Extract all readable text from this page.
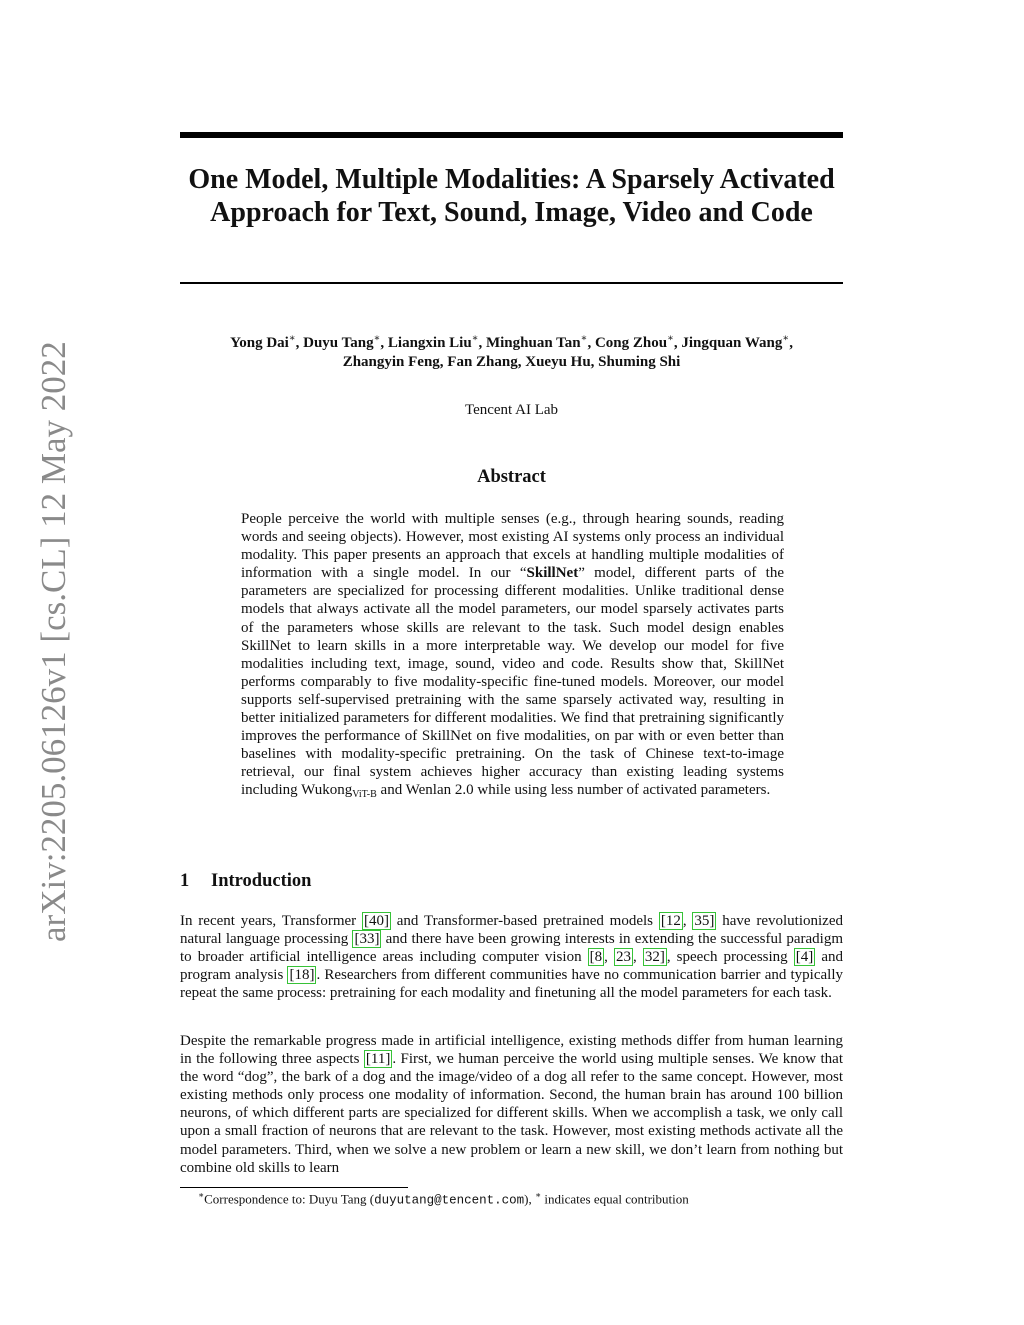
arXiv:2205.06126v1 [cs.CL] 12 May 2022
One Model, Multiple Modalities: A Sparsely Activated Approach for Text, Sound, Image, Video and Code

Yong Dai∗, Duyu Tang∗, Liangxin Liu∗, Minghuan Tan∗, Cong Zhou∗, Jingquan Wang∗,
Zhangyin Feng, Fan Zhang, Xueyu Hu, Shuming Shi

Tencent AI Lab
Abstract

People perceive the world with multiple senses (e.g., through hearing sounds, reading words and seeing objects). However, most existing AI systems only process an individual modality. This paper presents an approach that excels at handling multiple modalities of information with a single model. In our “SkillNet” model, different parts of the parameters are specialized for processing different modalities. Unlike traditional dense models that always activate all the model parameters, our model sparsely activates parts of the parameters whose skills are relevant to the task. Such model design enables SkillNet to learn skills in a more interpretable way. We develop our model for five modalities including text, image, sound, video and code. Results show that, SkillNet performs comparably to five modality-specific fine-tuned models. Moreover, our model supports self-supervised pretraining with the same sparsely activated way, resulting in better initialized parameters for different modalities. We find that pretraining significantly improves the performance of SkillNet on five modalities, on par with or even better than baselines with modality-specific pretraining. On the task of Chinese text-to-image retrieval, our final system achieves higher accuracy than existing leading systems including Wukong$_{ViT-B}$ and Wenlan 2.0 while using less number of activated parameters.

1 Introduction

In recent years, Transformer [40] and Transformer-based pretrained models [12 , 35] have revolutionized natural language processing [33] and there have been growing interests in extending the successful paradigm to broader artificial intelligence areas including computer vision [8 , 23 , 32] , speech processing [4] and program analysis [18] . Researchers from different communities have no communication barrier and typically repeat the same process: pretraining for each modality and finetuning all the model parameters for each task.

Despite the remarkable progress made in artificial intelligence, existing methods differ from human learning in the following three aspects [11] . First, we human perceive the world using multiple senses. We know that the word “dog”, the bark of a dog and the image/video of a dog all refer to the same concept. However, most existing methods only process one modality of information. Second, the human brain has around 100 billion neurons, of which different parts are specialized for different skills. When we accomplish a task, we only call upon a small fraction of neurons that are relevant to the task. However, most existing methods activate all the model parameters. Third, when we solve a new problem or learn a new skill, we don’t learn from nothing but combine old skills to learn

∗Correspondence to: Duyu Tang (duyutang@tencent.com), ∗ indicates equal contribution
